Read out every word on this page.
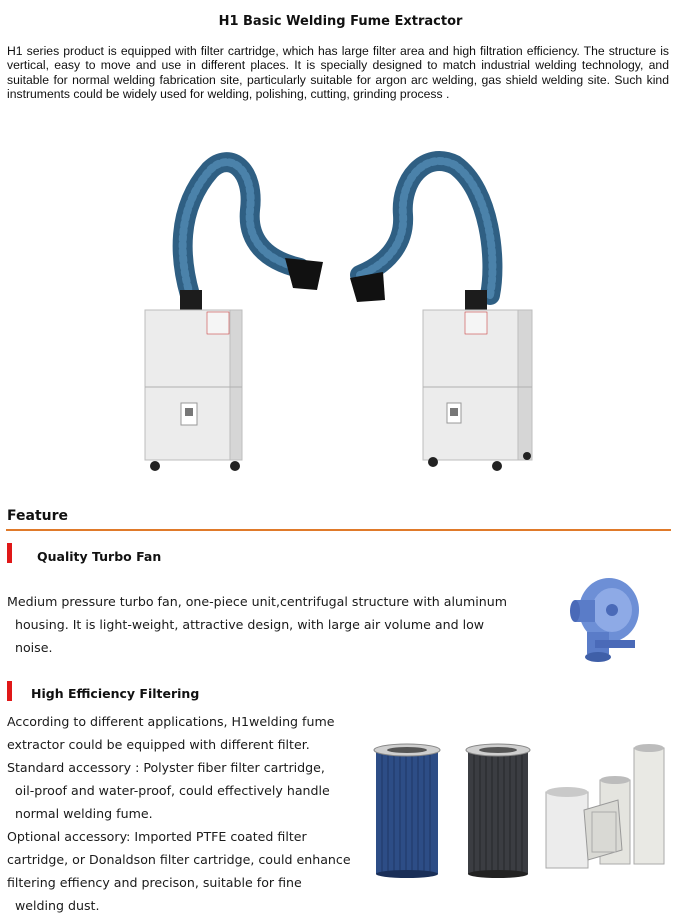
H1 Basic Welding Fume Extractor

H1 series product is equipped with filter cartridge, which has large filter area and high filtration efficiency. The structure is vertical, easy to move and use in different places. It is specially designed to match industrial welding technology, and suitable for normal welding fabrication site, particularly suitable for argon arc welding, gas shield welding site. Such kind instruments could be widely used for welding, polishing, cutting, grinding process .

Feature
Quality Turbo Fan
Medium pressure turbo fan, one-piece unit,centrifugal structure with aluminum
housing. It is light-weight, attractive design, with large air volume and low
noise.
High Efficiency Filtering
According to different applications, H1welding fume
extractor could be equipped with different filter.
Standard accessory : Polyster fiber filter cartridge,
oil-proof and water-proof, could effectively handle
normal welding fume.
Optional accessory: Imported PTFE coated filter
cartridge, or Donaldson filter cartridge, could enhance
filtering effiency and precison, suitable for fine
welding dust.
